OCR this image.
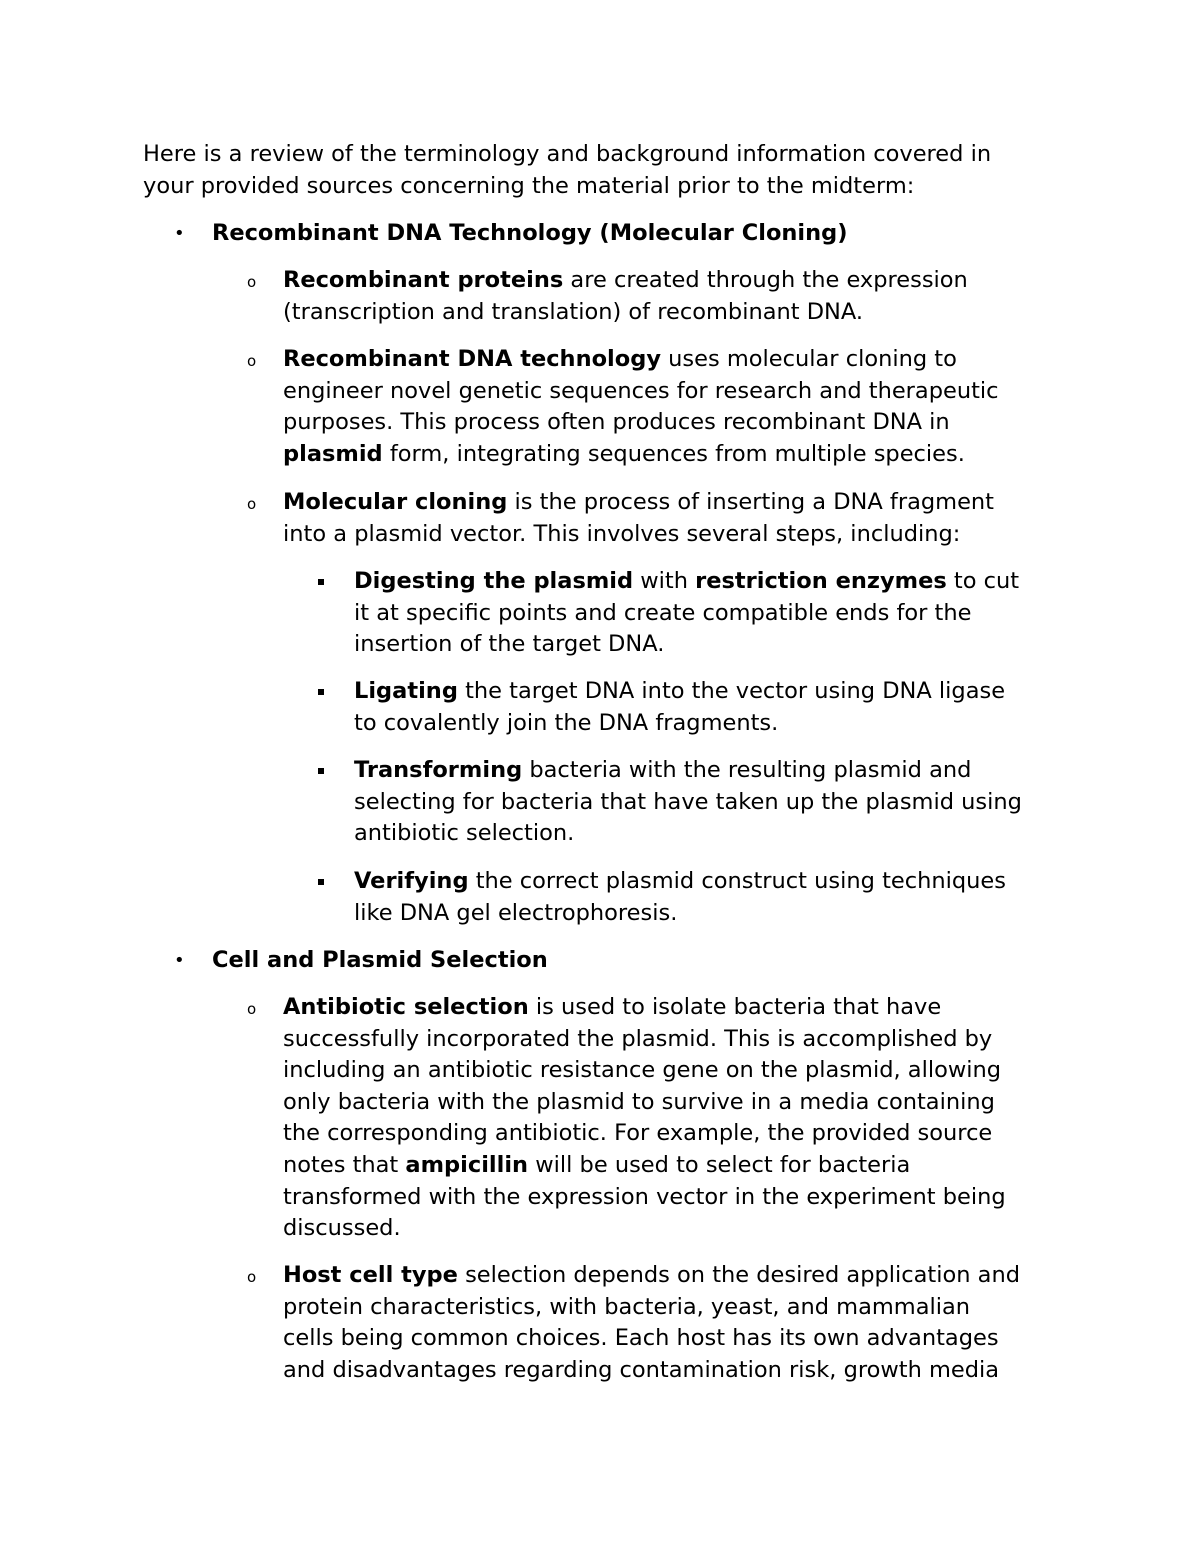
Here is a review of the terminology and background information covered in
your provided sources concerning the material prior to the midterm:
• Recombinant DNA Technology (Molecular Cloning)
o Recombinant proteins are created through the expression
(transcription and translation) of recombinant DNA.
o Recombinant DNA technology uses molecular cloning to
engineer novel genetic sequences for research and therapeutic
purposes. This process often produces recombinant DNA in
plasmid form, integrating sequences from multiple species.
o Molecular cloning is the process of inserting a DNA fragment
into a plasmid vector. This involves several steps, including:
Digesting the plasmid with restriction enzymes to cut
it at specific points and create compatible ends for the
insertion of the target DNA.
Ligating the target DNA into the vector using DNA ligase
to covalently join the DNA fragments.
Transforming bacteria with the resulting plasmid and
selecting for bacteria that have taken up the plasmid using
antibiotic selection.
Verifying the correct plasmid construct using techniques
like DNA gel electrophoresis.
• Cell and Plasmid Selection
o Antibiotic selection is used to isolate bacteria that have
successfully incorporated the plasmid. This is accomplished by
including an antibiotic resistance gene on the plasmid, allowing
only bacteria with the plasmid to survive in a media containing
the corresponding antibiotic. For example, the provided source
notes that ampicillin will be used to select for bacteria
transformed with the expression vector in the experiment being
discussed.
o Host cell type selection depends on the desired application and
protein characteristics, with bacteria, yeast, and mammalian
cells being common choices. Each host has its own advantages
and disadvantages regarding contamination risk, growth media
